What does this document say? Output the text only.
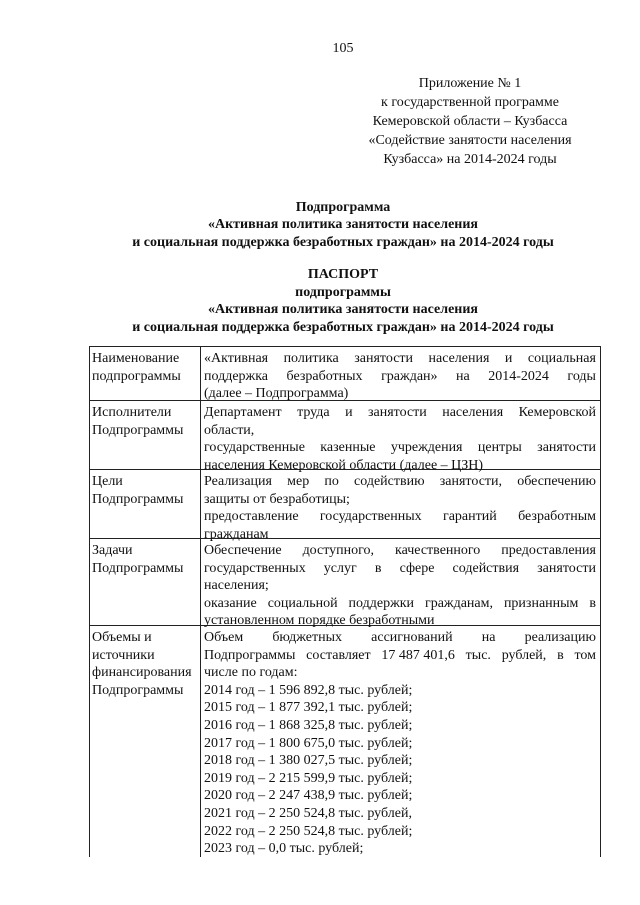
105
Приложение № 1
к государственной программе
Кемеровской области – Кузбасса
«Содействие занятости населения
Кузбасса» на 2014-2024 годы
Подпрограмма
«Активная политика занятости населения
и социальная поддержка безработных граждан» на 2014-2024 годы
ПАСПОРТ
подпрограммы
«Активная политика занятости населения
и социальная поддержка безработных граждан» на 2014-2024 годы
Наименование
подпрограммы
«Активная политика занятости населения и социальная
поддержка безработных граждан» на 2014-2024 годы
(далее – Подпрограмма)
Исполнители
Подпрограммы
Департамент труда и занятости населения Кемеровской
области,
государственные казенные учреждения центры занятости
населения Кемеровской области (далее – ЦЗН)
Цели
Подпрограммы
Реализация мер по содействию занятости, обеспечению
защиты от безработицы;
предоставление государственных гарантий безработным
гражданам
Задачи
Подпрограммы
Обеспечение доступного, качественного предоставления
государственных услуг в сфере содействия занятости
населения;
оказание социальной поддержки гражданам, признанным в
установленном порядке безработными
Объемы и
источники
финансирования
Подпрограммы
Объем бюджетных ассигнований на реализацию
Подпрограммы составляет 17 487 401,6 тыс. рублей, в том
числе по годам:
2014 год – 1 596 892,8 тыс. рублей;
2015 год – 1 877 392,1 тыс. рублей;
2016 год – 1 868 325,8 тыс. рублей;
2017 год – 1 800 675,0 тыс. рублей;
2018 год – 1 380 027,5 тыс. рублей;
2019 год – 2 215 599,9 тыс. рублей;
2020 год – 2 247 438,9 тыс. рублей;
2021 год – 2 250 524,8 тыс. рублей,
2022 год – 2 250 524,8 тыс. рублей;
2023 год – 0,0 тыс. рублей;
